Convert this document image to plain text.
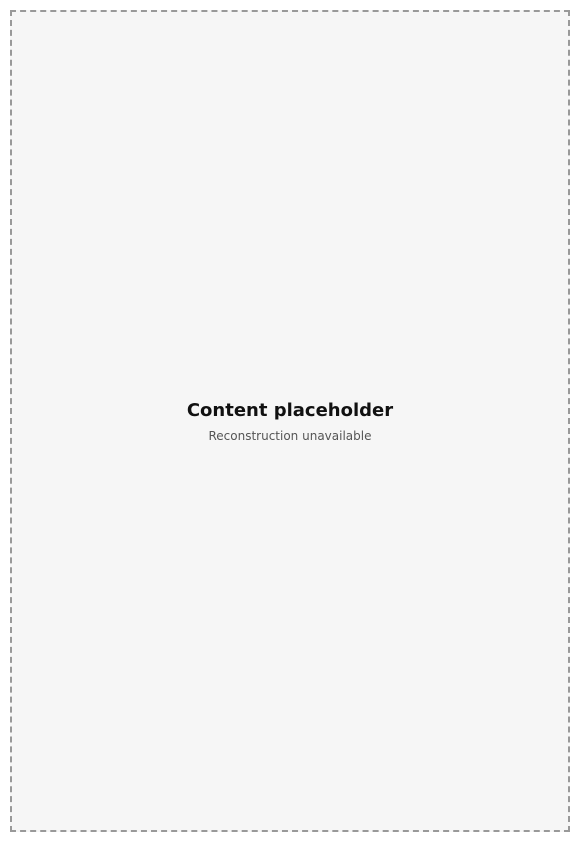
Content placeholder

Reconstruction unavailable
